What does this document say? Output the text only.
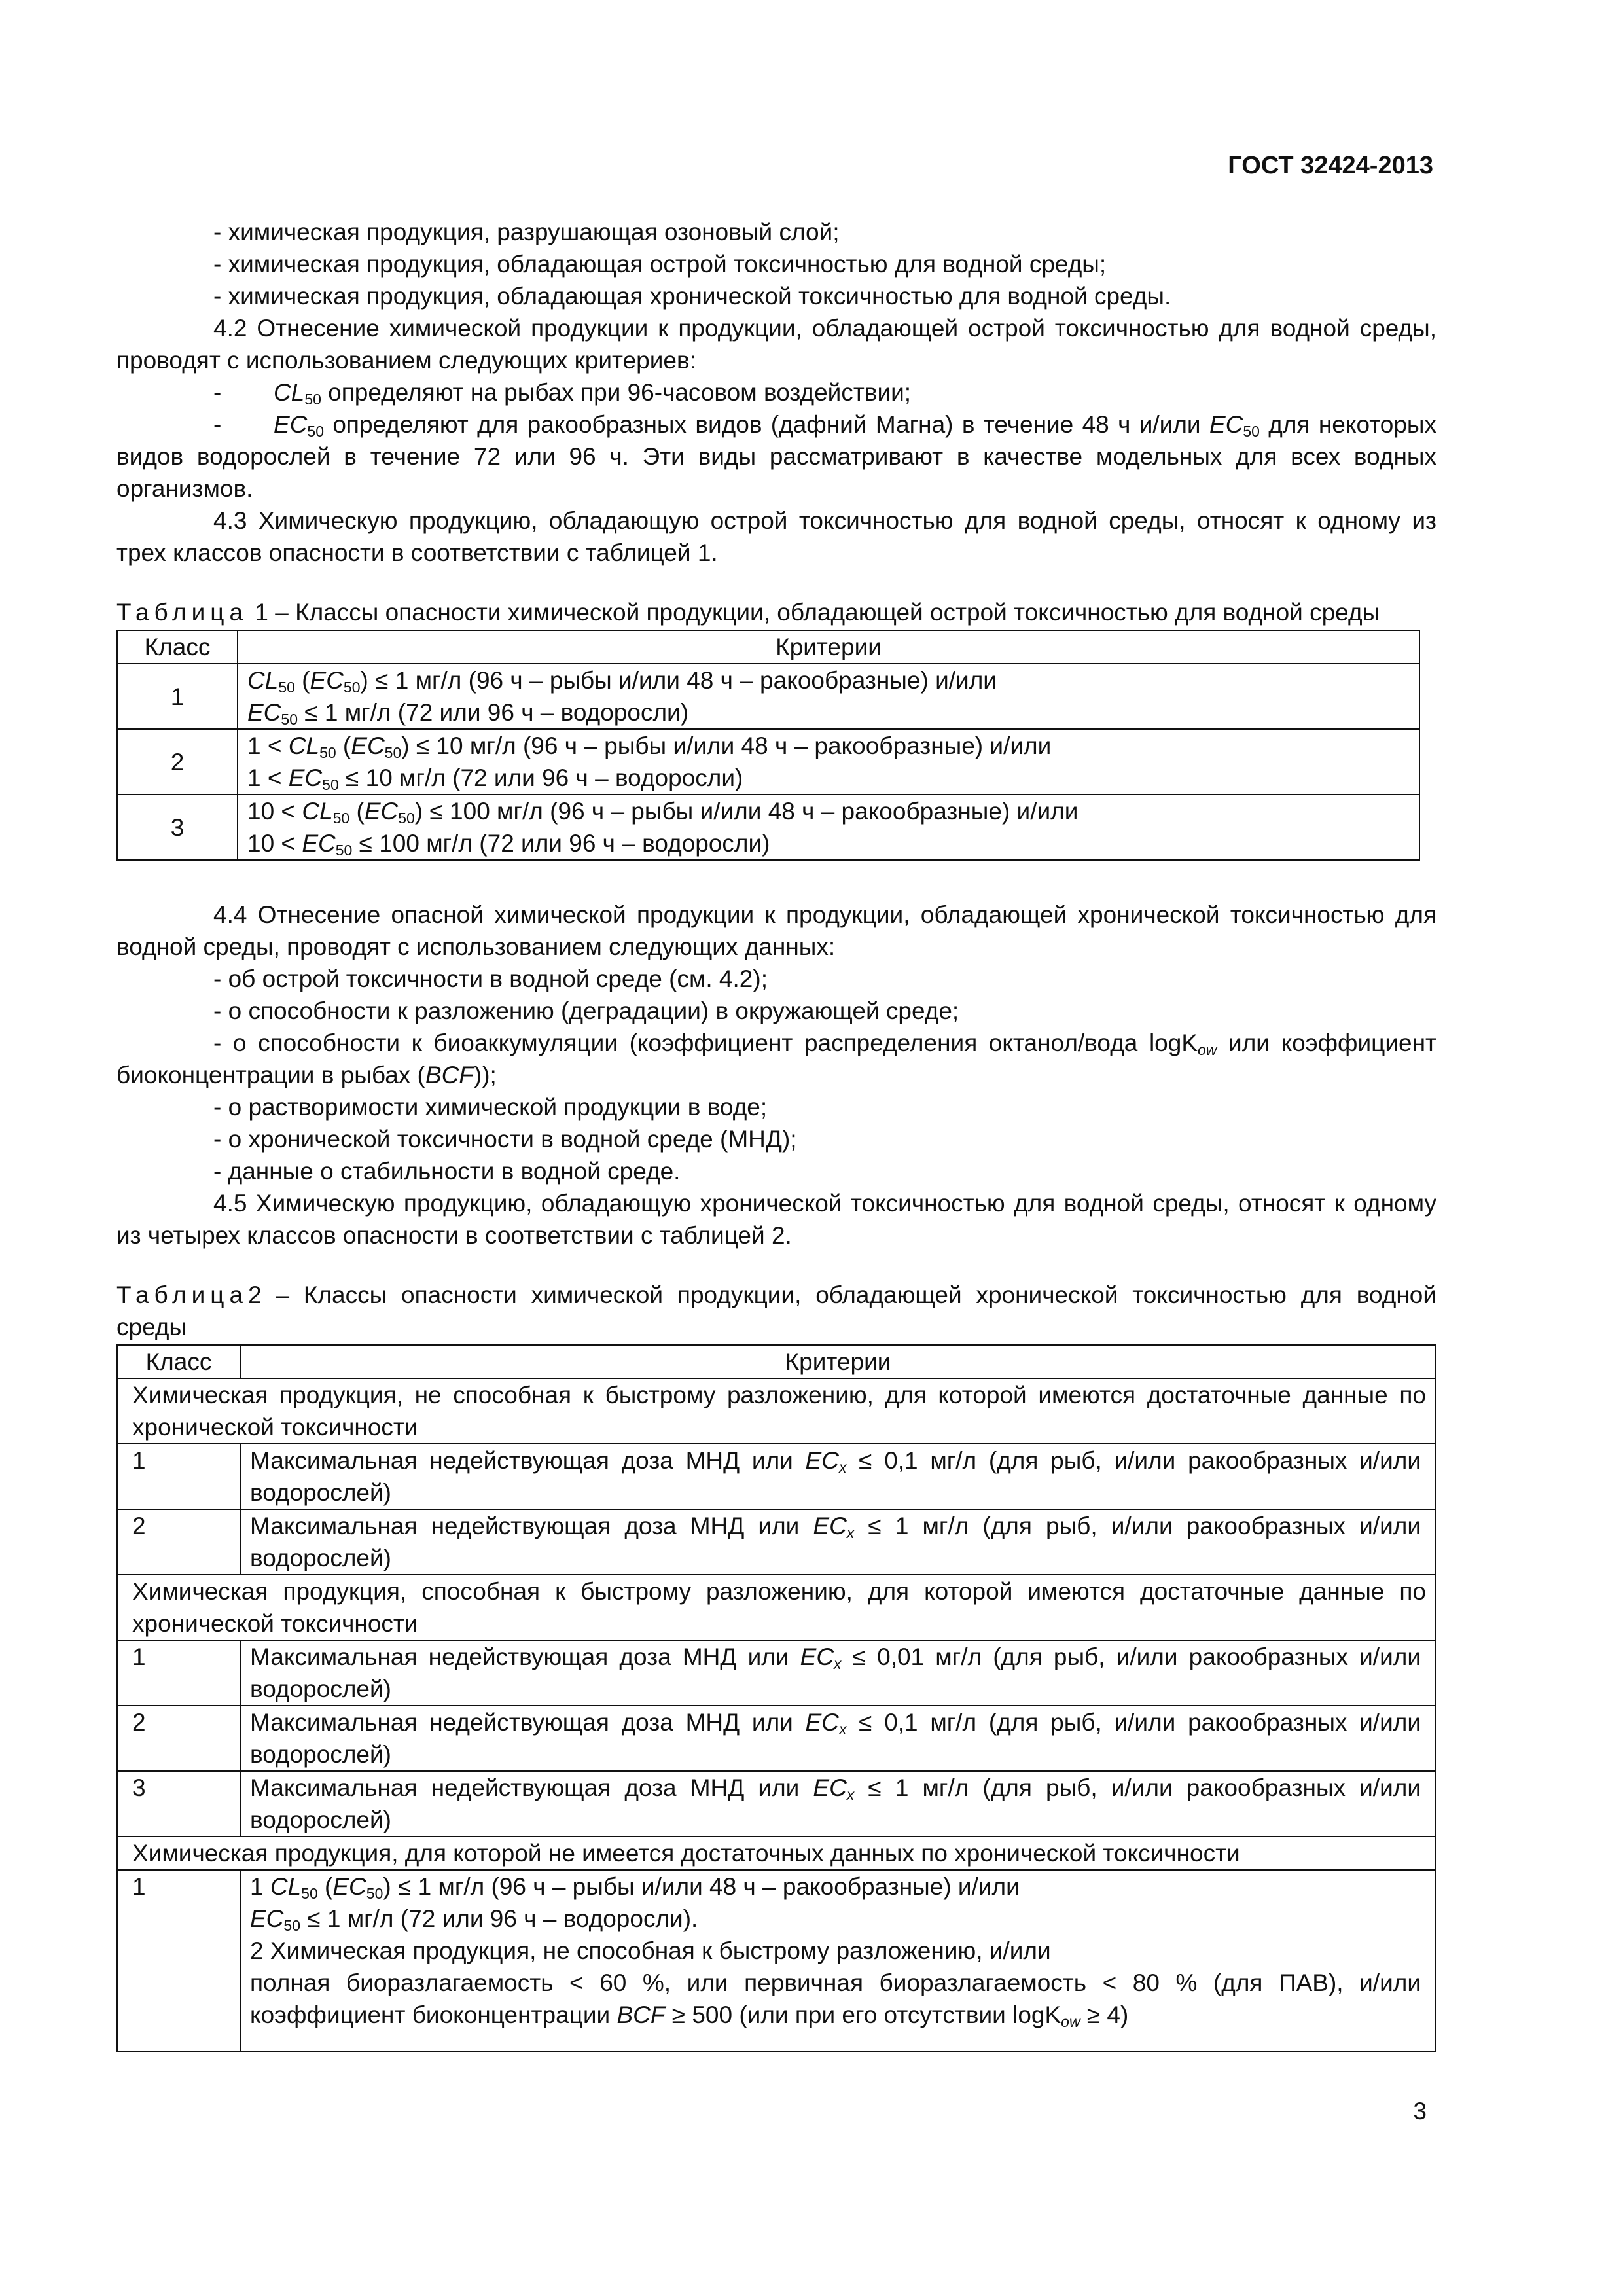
ГОСТ 32424-2013

- химическая продукция, разрушающая озоновый слой;

- химическая продукция, обладающая острой токсичностью для водной среды;

- химическая продукция, обладающая хронической токсичностью для водной среды.

4.2 Отнесение химической продукции к продукции, обладающей острой токсичностью для водной среды, проводят с использованием следующих критериев:

- $CL_{50}$ определяют на рыбах при 96-часовом воздействии;

- $EC_{50}$ определяют для ракообразных видов (дафний Магна) в течение 48 ч и/или $EC_{50}$ для некоторых видов водорослей в течение 72 или 96 ч. Эти виды рассматривают в качестве модельных для всех водных организмов.

4.3 Химическую продукцию, обладающую острой токсичностью для водной среды, относят к одному из трех классов опасности в соответствии с таблицей 1.

Таблица 1 – Классы опасности химической продукции, обладающей острой токсичностью для водной среды

Класс	Критерии
1	$CL_{50}$ $(EC_{50}) \le 1$ мг/л (96 ч – рыбы и/или 48 ч – ракообразные) и/или
$EC_{50} \le 1$ мг/л (72 или 96 ч – водоросли)

2	$1 < CL_{50}$ $(EC_{50}) \le 10$ мг/л (96 ч – рыбы и/или 48 ч – ракообразные) и/или
$1 < EC_{50} \le 10$ мг/л (72 или 96 ч – водоросли)

3	$10 < CL_{50}$ $(EC_{50}) \le 100$ мг/л (96 ч – рыбы и/или 48 ч – ракообразные) и/или
$10 < EC_{50} \le 100$ мг/л (72 или 96 ч – водоросли)

4.4 Отнесение опасной химической продукции к продукции, обладающей хронической токсичностью для водной среды, проводят с использованием следующих данных:

- об острой токсичности в водной среде (см. 4.2);

- о способности к разложению (деградации) в окружающей среде;

- о способности к биоаккумуляции (коэффициент распределения октанол/вода logK$_{ow}$ или коэффициент биоконцентрации в рыбах (BCF));

- о растворимости химической продукции в воде;

- о хронической токсичности в водной среде (МНД);

- данные о стабильности в водной среде.

4.5 Химическую продукцию, обладающую хронической токсичностью для водной среды, относят к одному из четырех классов опасности в соответствии с таблицей 2.

Таблица2 – Классы опасности химической продукции, обладающей хронической токсичностью для водной среды

Класс	Критерии
Химическая продукция, не способная к быстрому разложению, для которой имеются достаточные данные по хронической токсичности	
1	Максимальная недействующая доза МНД или $EC_x \le 0,1$ мг/л (для рыб, и/или ракообразных и/или водорослей)
2	Максимальная недействующая доза МНД или $EC_x \le 1$ мг/л (для рыб, и/или ракообразных и/или водорослей)
Химическая продукция, способная к быстрому разложению, для которой имеются достаточные данные по хронической токсичности	
1	Максимальная недействующая доза МНД или $EC_x \le 0,01$ мг/л (для рыб, и/или ракообразных и/или водорослей)
2	Максимальная недействующая доза МНД или $EC_x \le 0,1$ мг/л (для рыб, и/или ракообразных и/или водорослей)
3	Максимальная недействующая доза МНД или $EC_x \le 1$ мг/л (для рыб, и/или ракообразных и/или водорослей)
Химическая продукция, для которой не имеется достаточных данных по хронической токсичности	
1	1 $CL_{50}$ $(EC_{50}) \le 1$ мг/л (96 ч – рыбы и/или 48 ч – ракообразные) и/или
$EC_{50} \le 1$ мг/л (72 или 96 ч – водоросли).
2 Химическая продукция, не способная к быстрому разложению, и/или
полная биоразлагаемость < 60 %, или первичная биоразлагаемость < 80 % (для ПАВ), и/или коэффициент биоконцентрации BCF ≥ 500 (или при его отсутствии logK$_{ow}$ ≥ 4)
3
